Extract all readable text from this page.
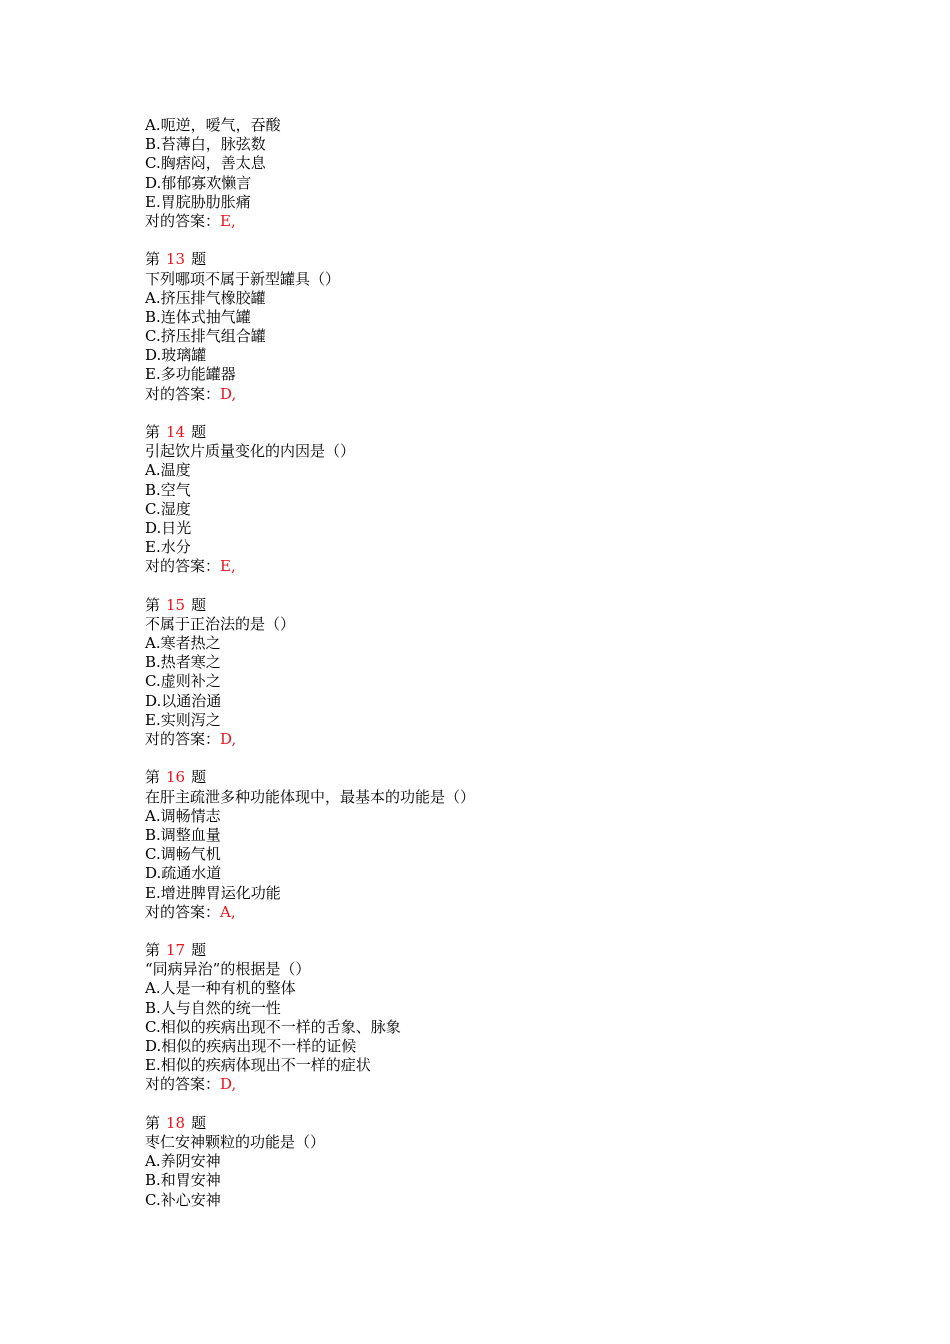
A.呃逆，嗳气，吞酸
B.苔薄白，脉弦数
C.胸痞闷，善太息
D.郁郁寡欢懒言
E.胃脘胁肋胀痛
对的答案：E,
第 13 题
下列哪项不属于新型罐具（）
A.挤压排气橡胶罐
B.连体式抽气罐
C.挤压排气组合罐
D.玻璃罐
E.多功能罐器
对的答案：D,
第 14 题
引起饮片质量变化的内因是（）
A.温度
B.空气
C.湿度
D.日光
E.水分
对的答案：E,
第 15 题
不属于正治法的是（）
A.寒者热之
B.热者寒之
C.虚则补之
D.以通治通
E.实则泻之
对的答案：D,
第 16 题
在肝主疏泄多种功能体现中，最基本的功能是（）
A.调畅情志
B.调整血量
C.调畅气机
D.疏通水道
E.增进脾胃运化功能
对的答案：A,
第 17 题
“同病异治”的根据是（）
A.人是一种有机的整体
B.人与自然的统一性
C.相似的疾病出现不一样的舌象、脉象
D.相似的疾病出现不一样的证候
E.相似的疾病体现出不一样的症状
对的答案：D,
第 18 题
枣仁安神颗粒的功能是（）
A.养阴安神
B.和胃安神
C.补心安神
